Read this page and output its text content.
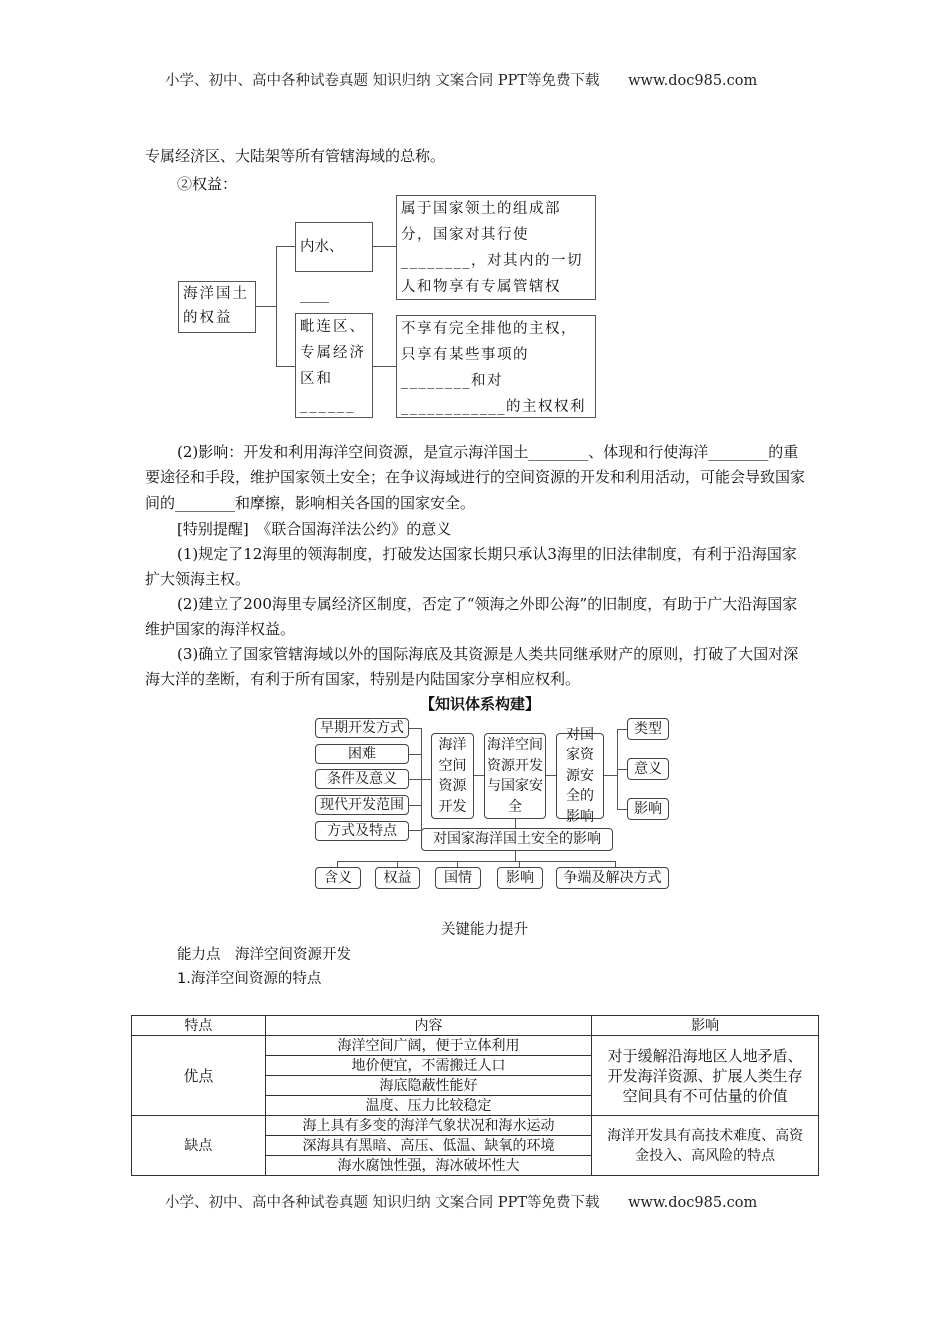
小学、初中、高中各种试卷真题 知识归纳 文案合同 PPT等免费下载 www.doc985.com
专属经济区、大陆架等所有管辖海域的总称。
②权益：
海洋国土的权益
内水、____
毗连区、专属经济区和______
属于国家领土的组成部分，国家对其行使________，对其内的一切人和物享有专属管辖权
不享有完全排他的主权，只享有某些事项的________和对____________的主权权利
(2)影响：开发和利用海洋空间资源，是宣示海洋国土________、体现和行使海洋________的重要途径和手段，维护国家领土安全；在争议海域进行的空间资源的开发和利用活动，可能会导致国家间的________和摩擦，影响相关各国的国家安全。
[特别提醒]　《联合国海洋法公约》的意义
(1)规定了12海里的领海制度，打破发达国家长期只承认3海里的旧法律制度，有利于沿海国家扩大领海主权。
(2)建立了200海里专属经济区制度，否定了“领海之外即公海”的旧制度，有助于广大沿海国家维护国家的海洋权益。
(3)确立了国家管辖海域以外的国际海底及其资源是人类共同继承财产的原则，打破了大国对深海大洋的垄断，有利于所有国家，特别是内陆国家分享相应权利。
【知识体系构建】
早期开发方式
困难
条件及意义
现代开发范围
方式及特点
海洋空间资源开发
海洋空间资源开发与国家安全
对国家资源安全的影响
类型
意义
影响
对国家海洋国土安全的影响
含义	权益	国情	影响	争端及解决方式
关键能力提升
能力点　海洋空间资源开发
1.海洋空间资源的特点
特点	内容	影响
优点	海洋空间广阔，便于立体利用	对于缓解沿海地区人地矛盾、开发海洋资源、扩展人类生存空间具有不可估量的价值
	地价便宜，不需搬迁人口	
	海底隐蔽性能好	
	温度、压力比较稳定	
缺点	海上具有多变的海洋气象状况和海水运动	海洋开发具有高技术难度、高资金投入、高风险的特点
	深海具有黑暗、高压、低温、缺氧的环境	
	海水腐蚀性强，海冰破坏性大	
小学、初中、高中各种试卷真题 知识归纳 文案合同 PPT等免费下载 www.doc985.com
